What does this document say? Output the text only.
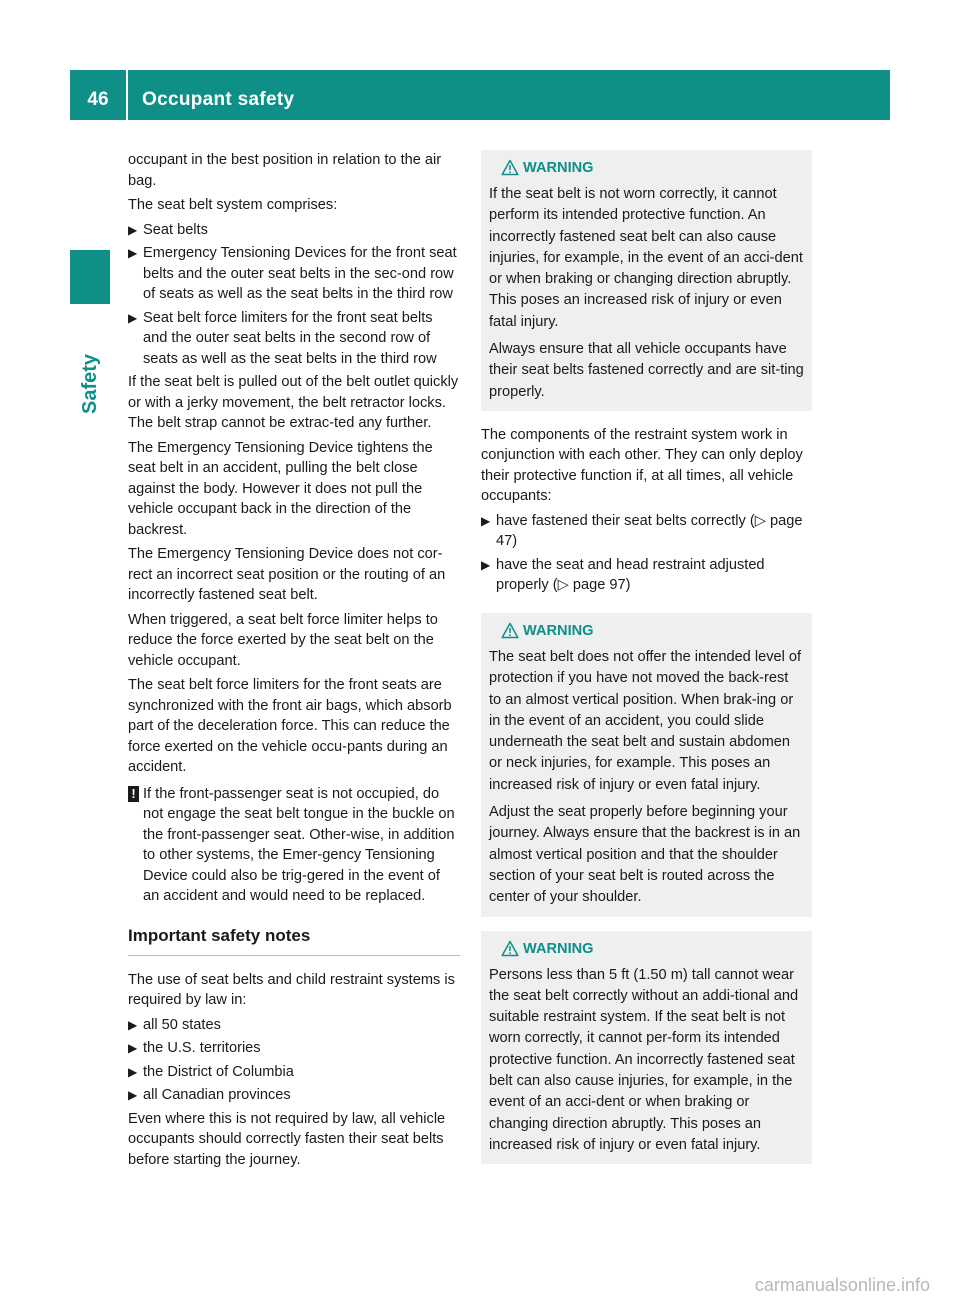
46	Occupant safety
Safety

occupant in the best position in relation to the air bag.

The seat belt system comprises:

▶ Seat belts
▶ Emergency Tensioning Devices for the front seat belts and the outer seat belts in the sec-ond row of seats as well as the seat belts in the third row
▶ Seat belt force limiters for the front seat belts and the outer seat belts in the second row of seats as well as the seat belts in the third row

If the seat belt is pulled out of the belt outlet quickly or with a jerky movement, the belt retractor locks. The belt strap cannot be extrac-ted any further.

The Emergency Tensioning Device tightens the seat belt in an accident, pulling the belt close against the body. However it does not pull the vehicle occupant back in the direction of the backrest.

The Emergency Tensioning Device does not cor-rect an incorrect seat position or the routing of an incorrectly fastened seat belt.

When triggered, a seat belt force limiter helps to reduce the force exerted by the seat belt on the vehicle occupant.

The seat belt force limiters for the front seats are synchronized with the front air bags, which absorb part of the deceleration force. This can reduce the force exerted on the vehicle occu-pants during an accident.

! If the front-passenger seat is not occupied, do not engage the seat belt tongue in the buckle on the front-passenger seat. Other-wise, in addition to other systems, the Emer-gency Tensioning Device could also be trig-gered in the event of an accident and would need to be replaced.
Important safety notes

The use of seat belts and child restraint systems is required by law in:

▶ all 50 states
▶ the U.S. territories
▶ the District of Columbia
▶ all Canadian provinces

Even where this is not required by law, all vehicle occupants should correctly fasten their seat belts before starting the journey.

WARNING

If the seat belt is not worn correctly, it cannot perform its intended protective function. An incorrectly fastened seat belt can also cause injuries, for example, in the event of an acci-dent or when braking or changing direction abruptly. This poses an increased risk of injury or even fatal injury.

Always ensure that all vehicle occupants have their seat belts fastened correctly and are sit-ting properly.

The components of the restraint system work in conjunction with each other. They can only deploy their protective function if, at all times, all vehicle occupants:

▶ have fastened their seat belts correctly (▷ page 47)
▶ have the seat and head restraint adjusted properly (▷ page 97)
WARNING

The seat belt does not offer the intended level of protection if you have not moved the back-rest to an almost vertical position. When brak-ing or in the event of an accident, you could slide underneath the seat belt and sustain abdomen or neck injuries, for example. This poses an increased risk of injury or even fatal injury.

Adjust the seat properly before beginning your journey. Always ensure that the backrest is in an almost vertical position and that the shoulder section of your seat belt is routed across the center of your shoulder.

WARNING

Persons less than 5 ft (1.50 m) tall cannot wear the seat belt correctly without an addi-tional and suitable restraint system. If the seat belt is not worn correctly, it cannot per-form its intended protective function. An incorrectly fastened seat belt can also cause injuries, for example, in the event of an acci-dent or when braking or changing direction abruptly. This poses an increased risk of injury or even fatal injury.

carmanualsonline.info
